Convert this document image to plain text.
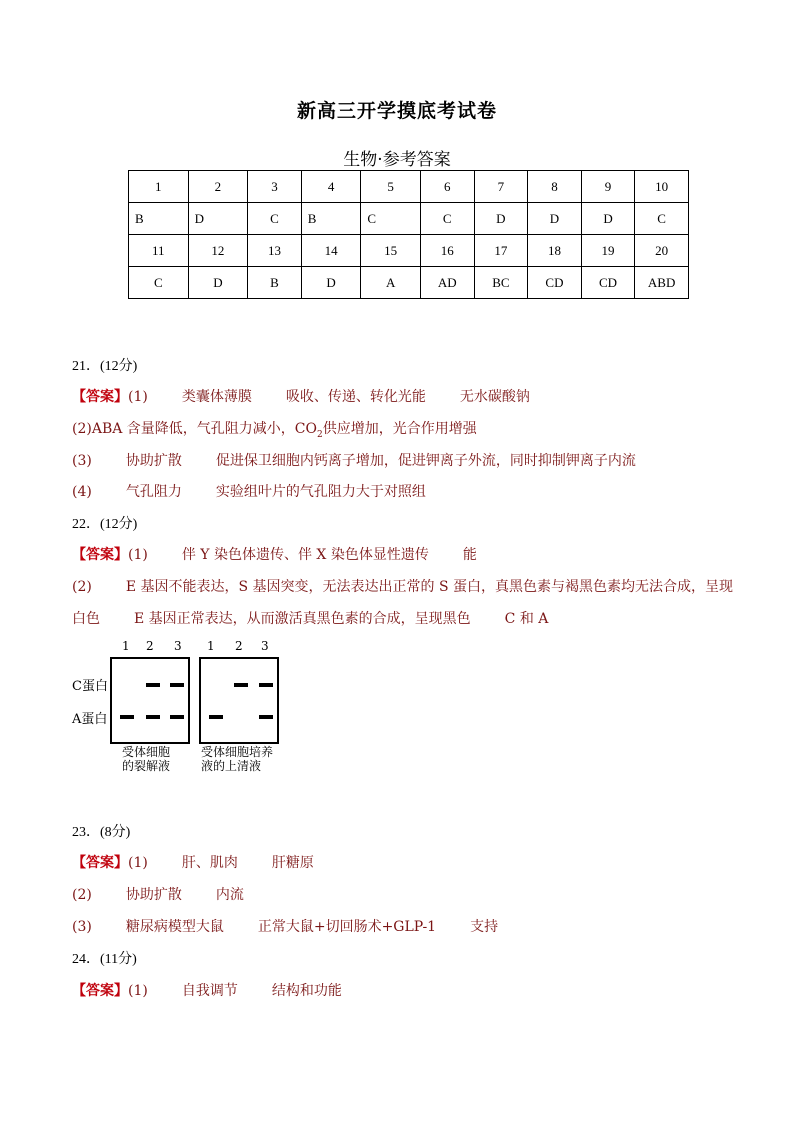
新高三开学摸底考试卷
生物·参考答案
1	2	3	4	5	6	7	8	9	10
B	D	C	B	C	C	D	D	D	C
11	12	13	14	15	16	17	18	19	20
C	D	B	D	A	AD	BC	CD	CD	ABD
21．(12分)
【答案】(1) 类囊体薄膜 吸收、传递、转化光能 无水碳酸钠
(2)ABA 含量降低，气孔阻力减小，$CO_2$供应增加，光合作用增强
(3) 协助扩散 促进保卫细胞内钙离子增加，促进钾离子外流，同时抑制钾离子内流
(4) 气孔阻力 实验组叶片的气孔阻力大于对照组
22．(12分)
【答案】(1) 伴 Y 染色体遗传、伴 X 染色体显性遗传 能
(2) E 基因不能表达，S 基因突变，无法表达出正常的 S 蛋白，真黑色素与褐黑色素均无法合成，呈现
白色 E 基因正常表达，从而激活真黑色素的合成，呈现黑色 C 和 A
1 2 3 1 2 3
C蛋白
A蛋白
受体细胞
的裂解液
受体细胞培养
液的上清液
23．(8分)
【答案】(1) 肝、肌肉 肝糖原
(2) 协助扩散 内流
(3) 糖尿病模型大鼠 正常大鼠+切回肠术+GLP-1 支持
24．(11分)
【答案】(1) 自我调节 结构和功能
